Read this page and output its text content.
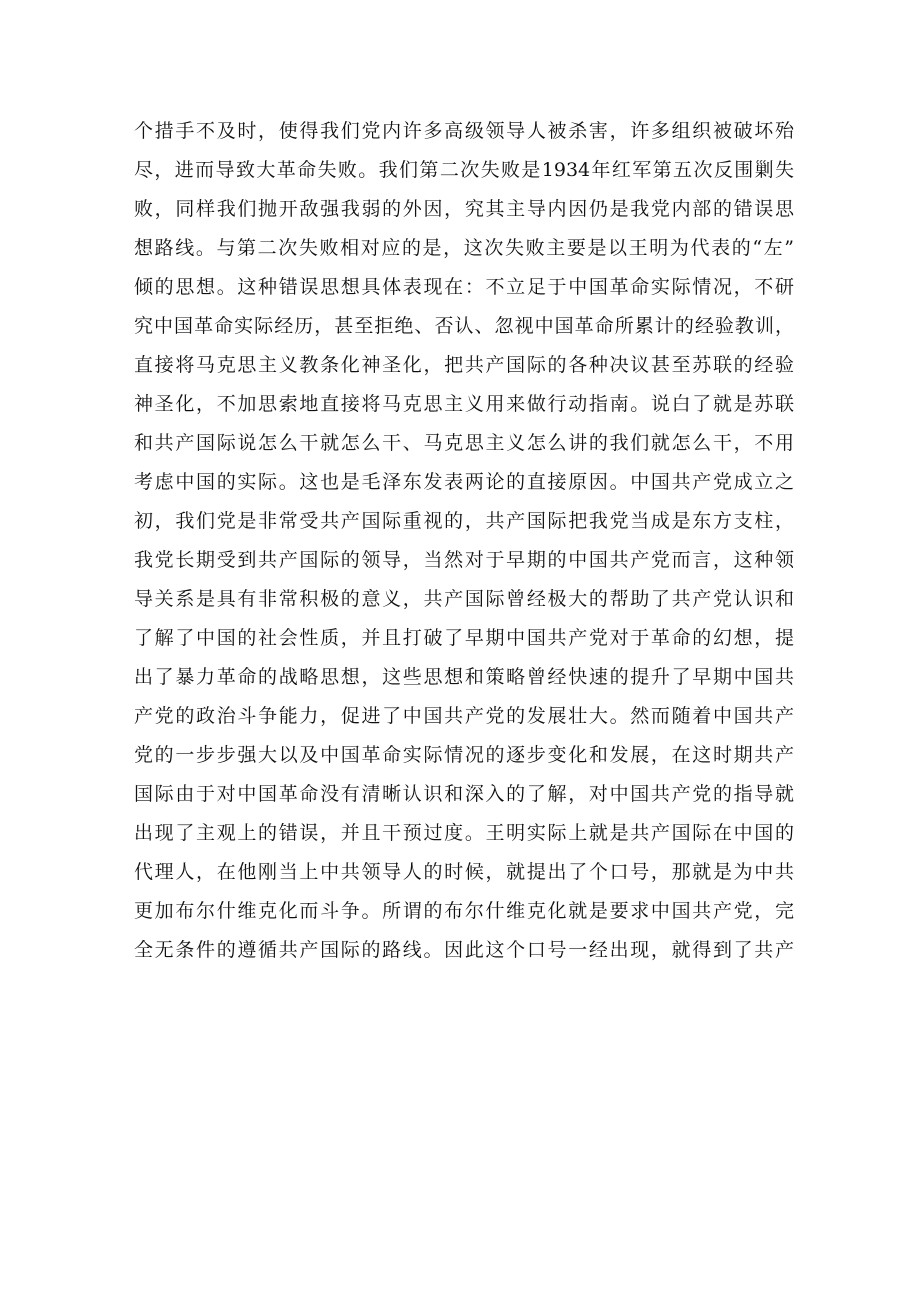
个措手不及时，使得我们党内许多高级领导人被杀害，许多组织被破坏殆
尽，进而导致大革命失败。我们第二次失败是1934年红军第五次反围剿失
败，同样我们抛开敌强我弱的外因，究其主导内因仍是我党内部的错误思
想路线。与第二次失败相对应的是，这次失败主要是以王明为代表的“左”
倾的思想。这种错误思想具体表现在：不立足于中国革命实际情况，不研
究中国革命实际经历，甚至拒绝、否认、忽视中国革命所累计的经验教训，
直接将马克思主义教条化神圣化，把共产国际的各种决议甚至苏联的经验
神圣化，不加思索地直接将马克思主义用来做行动指南。说白了就是苏联
和共产国际说怎么干就怎么干、马克思主义怎么讲的我们就怎么干，不用
考虑中国的实际。这也是毛泽东发表两论的直接原因。中国共产党成立之
初，我们党是非常受共产国际重视的，共产国际把我党当成是东方支柱，
我党长期受到共产国际的领导，当然对于早期的中国共产党而言，这种领
导关系是具有非常积极的意义，共产国际曾经极大的帮助了共产党认识和
了解了中国的社会性质，并且打破了早期中国共产党对于革命的幻想，提
出了暴力革命的战略思想，这些思想和策略曾经快速的提升了早期中国共
产党的政治斗争能力，促进了中国共产党的发展壮大。然而随着中国共产
党的一步步强大以及中国革命实际情况的逐步变化和发展，在这时期共产
国际由于对中国革命没有清晰认识和深入的了解，对中国共产党的指导就
出现了主观上的错误，并且干预过度。王明实际上就是共产国际在中国的
代理人，在他刚当上中共领导人的时候，就提出了个口号，那就是为中共
更加布尔什维克化而斗争。所谓的布尔什维克化就是要求中国共产党，完
全无条件的遵循共产国际的路线。因此这个口号一经出现，就得到了共产
